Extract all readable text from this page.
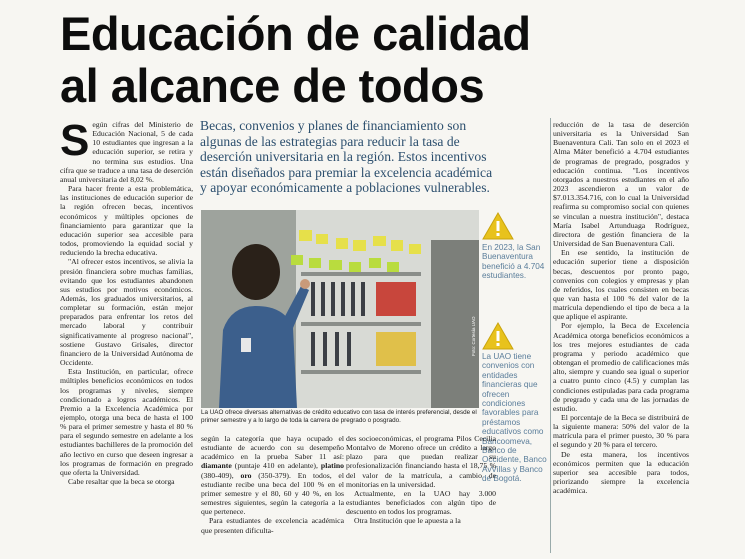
Educación de calidad
al alcance de todos

Becas, convenios y planes de financiamiento son algunas de las estrategias para reducir la tasa de deserción universitaria en la región. Estos incentivos están diseñados para premiar la excelencia académica y apoyar económicamente a poblaciones vulnerables.

Según cifras del Ministerio de Educación Nacional, 5 de cada 10 estudiantes que ingresan a la educación superior, se retira y no termina sus estudios. Una cifra que se traduce a una tasa de deserción anual universitaria del 8,02 %.

Para hacer frente a esta problemática, las instituciones de educación superior de la región ofrecen becas, incentivos económicos y múltiples opciones de financiamiento para garantizar que la educación superior sea accesible para todos, promoviendo la equidad social y reduciendo la brecha educativa.

"Al ofrecer estos incentivos, se alivia la presión financiera sobre muchas familias, evitando que los estudiantes abandonen sus estudios por motivos económicos. Además, los graduados universitarios, al completar su formación, están mejor preparados para enfrentar los retos del mercado laboral y contribuir significativamente al progreso nacional", sostiene Gustavo Grisales, director financiero de la Universidad Autónoma de Occidente.

Esta Institución, en particular, ofrece múltiples beneficios económicos en todos los programas y niveles, siempre condicionado a logros académicos. El Premio a la Excelencia Académica por ejemplo, otorga una beca de hasta el 100 % para el primer semestre y hasta el 80 % para el segundo semestre en adelante a los estudiantes bachilleres de la promoción del año lectivo en curso que deseen ingresar a los programas de formación en pregrado que oferta la Universidad.

Cabe resaltar que la beca se otorga

Foto: Cortesía UAO

La UAO ofrece diversas alternativas de crédito educativo con tasa de interés preferencial, desde el primer semestre y a lo largo de toda la carrera de pregrado o posgrado.

En 2023, la San Buenaventura benefició a 4.704 estudiantes.

La UAO tiene convenios con entidades financieras que ofrecen condiciones favorables para préstamos educativos como Bancoomeva, Banco de Occidente, Banco AvVillas y Banco de Bogotá.

según la categoría que haya ocupado el estudiante de acuerdo con su desempeño académico en la prueba Saber 11 así: diamante (puntaje 410 en adelante), platino (380-409), oro (350-379). En todos, el estudiante recibe una beca del 100 % en el primer semestre y el 80, 60 y 40 %, en los semestres siguientes, según la categoría a la que pertenece.

Para estudiantes de excelencia académica que presenten dificulta-

des socioeconómicas, el programa Pilos Cecilia Montalvo de Moreno ofrece un crédito a largo plazo para que puedan realizar su profesionalización financiando hasta el 18,75 % del valor de la matrícula, a cambio de monitorias en la universidad.

Actualmente, en la UAO hay 3.000 estudiantes beneficiados con algún tipo de descuento en todos los programas.

Otra Institución que le apuesta a la

reducción de la tasa de deserción universitaria es la Universidad San Buenaventura Cali. Tan solo en el 2023 el Alma Máter benefició a 4.704 estudiantes de programas de pregrado, posgrados y educación continua. "Los incentivos otorgados a nuestros estudiantes en el año 2023 ascendieron a un valor de $7.013.354.716, con lo cual la Universidad reafirma su compromiso social con quienes se vinculan a nuestra institución", destaca María Isabel Artunduaga Rodríguez, directora de gestión financiera de la Universidad de San Buenaventura Cali.

En ese sentido, la institución de educación superior tiene a disposición becas, descuentos por pronto pago, convenios con colegios y empresas y plan de referidos, los cuales consisten en becas que van hasta el 100 % del valor de la matrícula dependiendo el tipo de beca a la que aplique el aspirante.

Por ejemplo, la Beca de Excelencia Académica otorga beneficios económicos a los tres mejores estudiantes de cada programa y periodo académico que obtengan el promedio de calificaciones más alto, siempre y cuando sea igual o superior a cuatro punto cinco (4.5) y cumplan las condiciones estipuladas para cada programa de pregrado y cada una de las jornadas de estudio.

El porcentaje de la Beca se distribuirá de la siguiente manera: 50% del valor de la matrícula para el primer puesto, 30 % para el segundo y 20 % para el tercero.

De esta manera, los incentivos económicos permiten que la educación superior sea accesible para todos, priorizando siempre la excelencia académica.
